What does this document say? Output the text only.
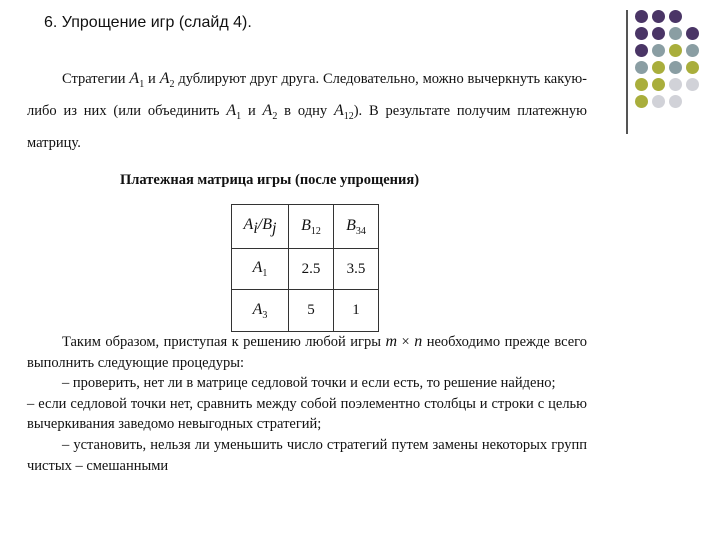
6. Упрощение игр (слайд 4).
Стратегии $A_1$ и $A_2$ дублируют друг друга. Следовательно, можно вычеркнуть какую-либо из них (или объединить $A_1$ и $A_2$ в одну $A_{12}$). В результате получим платежную матрицу.
Платежная матрица игры (после упрощения)
$A_i/B_j$	$B_{12}$	$B_{34}$
$A_1$	2.5	3.5
$A_3$	5	1

Таким образом, приступая к решению любой игры m × n необходимо прежде всего выполнить следующие процедуры:

– проверить, нет ли в матрице седловой точки и если есть, то решение найдено;

– если седловой точки нет, сравнить между собой поэлементно столбцы и строки с целью вычеркивания заведомо невыгодных стратегий;

– установить, нельзя ли уменьшить число стратегий путем замены некоторых групп чистых – смешанными
